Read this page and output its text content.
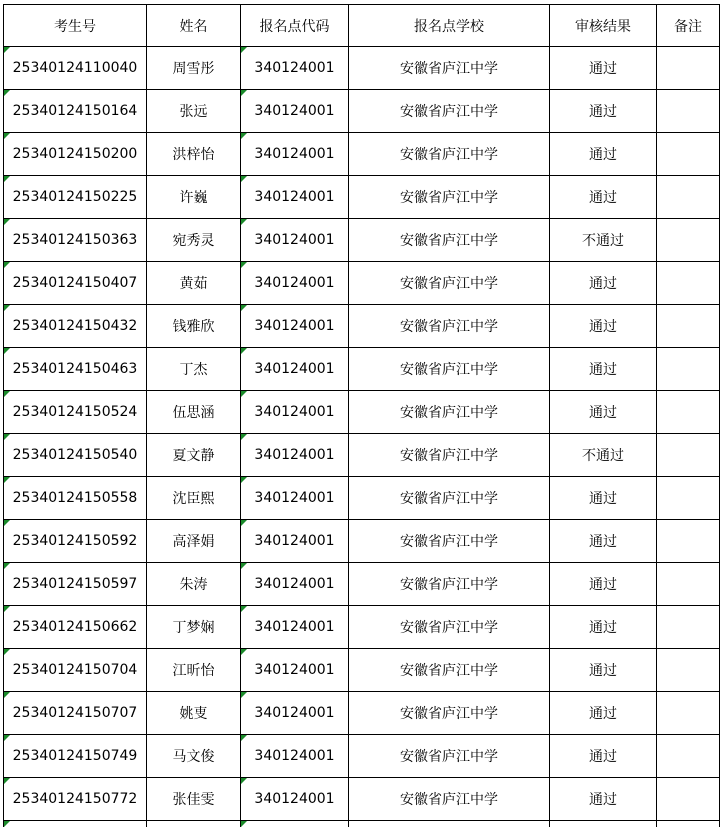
考生号	姓名	报名点代码	报名点学校	审核结果	备注
25340124110040	周雪彤	340124001	安徽省庐江中学	通过	
25340124150164	张远	340124001	安徽省庐江中学	通过	
25340124150200	洪梓怡	340124001	安徽省庐江中学	通过	
25340124150225	许巍	340124001	安徽省庐江中学	通过	
25340124150363	宛秀灵	340124001	安徽省庐江中学	不通过	
25340124150407	黄茹	340124001	安徽省庐江中学	通过	
25340124150432	钱雅欣	340124001	安徽省庐江中学	通过	
25340124150463	丁杰	340124001	安徽省庐江中学	通过	
25340124150524	伍思涵	340124001	安徽省庐江中学	通过	
25340124150540	夏文静	340124001	安徽省庐江中学	不通过	
25340124150558	沈臣熙	340124001	安徽省庐江中学	通过	
25340124150592	高泽娟	340124001	安徽省庐江中学	通过	
25340124150597	朱涛	340124001	安徽省庐江中学	通过	
25340124150662	丁梦娴	340124001	安徽省庐江中学	通过	
25340124150704	江昕怡	340124001	安徽省庐江中学	通过	
25340124150707	姚叓	340124001	安徽省庐江中学	通过	
25340124150749	马文俊	340124001	安徽省庐江中学	通过	
25340124150772	张佳雯	340124001	安徽省庐江中学	通过	
